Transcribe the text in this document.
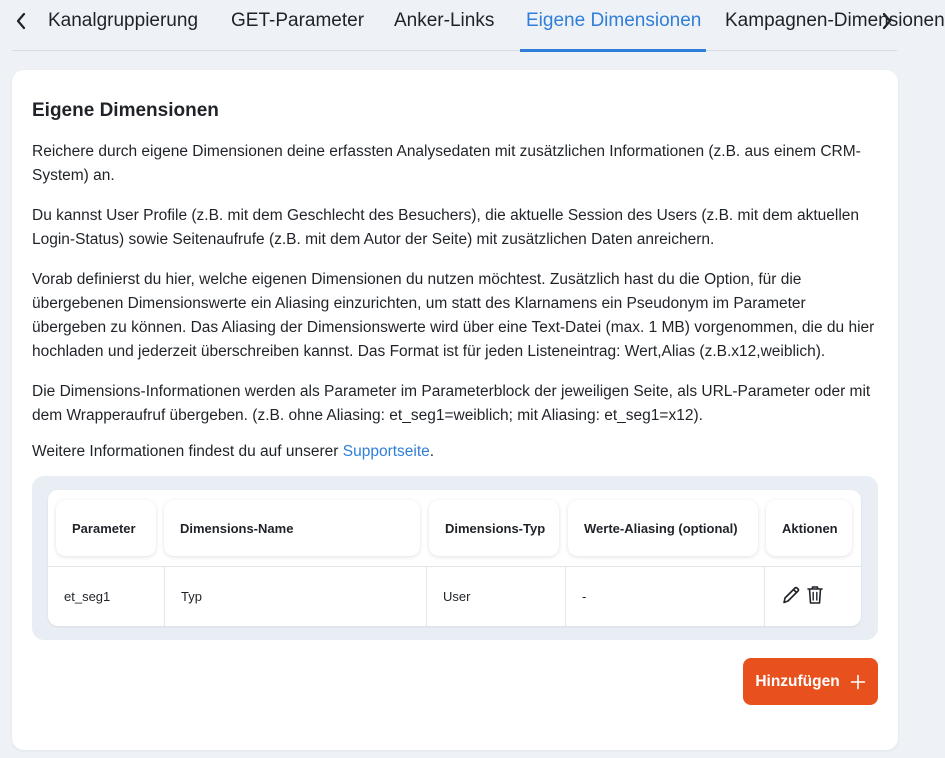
Kanalgruppierung GET-Parameter Anker-Links Eigene Dimensionen Kampagnen-Dimensionen
Eigene Dimensionen
Reichere durch eigene Dimensionen deine erfassten Analysedaten mit zusätzlichen Informationen (z.B. aus einem CRM-System) an.
Du kannst User Profile (z.B. mit dem Geschlecht des Besuchers), die aktuelle Session des Users (z.B. mit dem aktuellen Login-Status) sowie Seitenaufrufe (z.B. mit dem Autor der Seite) mit zusätzlichen Daten anreichern.
Vorab definierst du hier, welche eigenen Dimensionen du nutzen möchtest. Zusätzlich hast du die Option, für die übergebenen Dimensionswerte ein Aliasing einzurichten, um statt des Klarnamens ein Pseudonym im Parameter übergeben zu können. Das Aliasing der Dimensionswerte wird über eine Text-Datei (max. 1 MB) vorgenommen, die du hier hochladen und jederzeit überschreiben kannst. Das Format ist für jeden Listeneintrag: Wert,Alias (z.B.x12,weiblich).
Die Dimensions-Informationen werden als Parameter im Parameterblock der jeweiligen Seite, als URL-Parameter oder mit dem Wrapperaufruf übergeben. (z.B. ohne Aliasing: et_seg1=weiblich; mit Aliasing: et_seg1=x12).
Weitere Informationen findest du auf unserer Supportseite.
Parameter	Dimensions-Name	Dimensions-Typ	Werte-Aliasing (optional)	Aktionen
et_seg1	Typ	User	-
Hinzufügen
